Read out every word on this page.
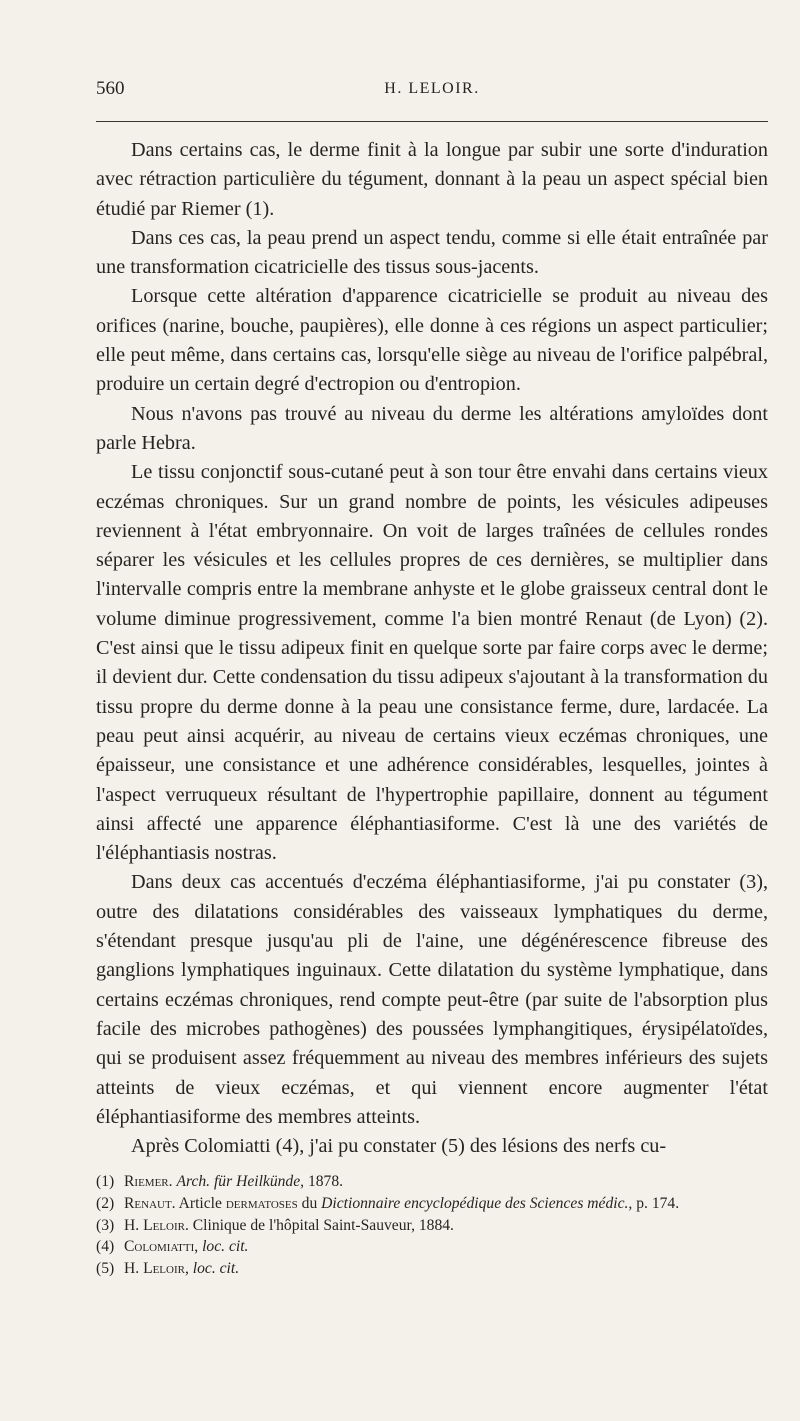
560	H. LELOIR.

Dans certains cas, le derme finit à la longue par subir une sorte d'induration avec rétraction particulière du tégument, donnant à la peau un aspect spécial bien étudié par Riemer (1).

Dans ces cas, la peau prend un aspect tendu, comme si elle était entraînée par une transformation cicatricielle des tissus sous-jacents.

Lorsque cette altération d'apparence cicatricielle se produit au niveau des orifices (narine, bouche, paupières), elle donne à ces régions un aspect particulier; elle peut même, dans certains cas, lorsqu'elle siège au niveau de l'orifice palpébral, produire un certain degré d'ectropion ou d'entropion.

Nous n'avons pas trouvé au niveau du derme les altérations amyloïdes dont parle Hebra.

Le tissu conjonctif sous-cutané peut à son tour être envahi dans certains vieux eczémas chroniques. Sur un grand nombre de points, les vésicules adipeuses reviennent à l'état embryonnaire. On voit de larges traînées de cellules rondes séparer les vésicules et les cellules propres de ces dernières, se multiplier dans l'intervalle compris entre la membrane anhyste et le globe graisseux central dont le volume diminue progressivement, comme l'a bien montré Renaut (de Lyon) (2). C'est ainsi que le tissu adipeux finit en quelque sorte par faire corps avec le derme; il devient dur. Cette condensation du tissu adipeux s'ajoutant à la transformation du tissu propre du derme donne à la peau une consistance ferme, dure, lardacée. La peau peut ainsi acquérir, au niveau de certains vieux eczémas chroniques, une épaisseur, une consistance et une adhérence considérables, lesquelles, jointes à l'aspect verruqueux résultant de l'hypertrophie papillaire, donnent au tégument ainsi affecté une apparence éléphantiasiforme. C'est là une des variétés de l'éléphantiasis nostras.

Dans deux cas accentués d'eczéma éléphantiasiforme, j'ai pu constater (3), outre des dilatations considérables des vaisseaux lymphatiques du derme, s'étendant presque jusqu'au pli de l'aine, une dégénérescence fibreuse des ganglions lymphatiques inguinaux. Cette dilatation du système lymphatique, dans certains eczémas chroniques, rend compte peut-être (par suite de l'absorption plus facile des microbes pathogènes) des poussées lymphangitiques, érysipélatoïdes, qui se produisent assez fréquemment au niveau des membres inférieurs des sujets atteints de vieux eczémas, et qui viennent encore augmenter l'état éléphantiasiforme des membres atteints.

Après Colomiatti (4), j'ai pu constater (5) des lésions des nerfs cu-

(1) Riemer. Arch. für Heilkünde, 1878.
(2) Renaut. Article dermatoses du Dictionnaire encyclopédique des Sciences médic., p. 174.
(3) H. Leloir. Clinique de l'hôpital Saint-Sauveur, 1884.
(4) Colomiatti, loc. cit.
(5) H. Leloir, loc. cit.
